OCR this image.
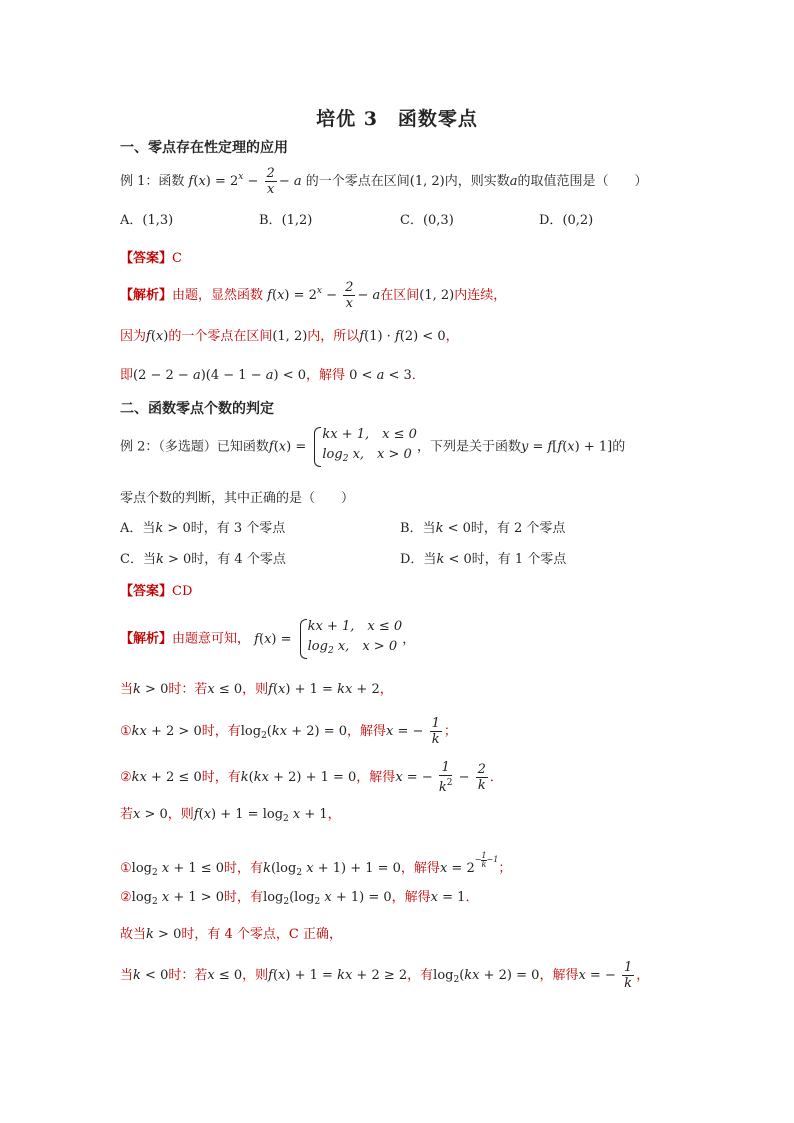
培优 3　函数零点
一、零点存在性定理的应用
例 1：函数 $f(x) = 2^x - \frac{2}{x} - a$ 的一个零点在区间(1, 2)内，则实数a的取值范围是（　　）
A．(1,3)	B．(1,2)	C．(0,3)	D．(0,2)
【答案】C
【解析】由题，显然函数 $f(x) = 2^x - \frac{2}{x} - a$在区间(1, 2)内连续，
因为f(x)的一个零点在区间(1, 2)内，所以f(1) · f(2) < 0，
即(2 − 2 − a)(4 − 1 − a) < 0，解得 0 < a < 3．
二、函数零点个数的判定
例 2：（多选题）已知函数f(x) =
kx + 1,　x ≤ 0
$\log_2 x$,　x > 0 ，下列是关于函数y = f[f(x) + 1]的
零点个数的判断，其中正确的是（　　）
A．当k > 0时，有 3 个零点	B．当k < 0时，有 2 个零点
C．当k > 0时，有 4 个零点	D．当k < 0时，有 1 个零点
【答案】CD
【解析】由题意可知， f(x) =
kx + 1,　x ≤ 0
$\log_2 x$,　x > 0 ，
当k > 0时：若x ≤ 0，则f(x) + 1 = kx + 2，
①kx + 2 > 0时，有$\log_2(kx + 2) = 0$，解得x = − $\frac{1}{k}$ ；
②kx + 2 ≤ 0时，有k(kx + 2) + 1 = 0，解得x = − $\frac{1}{k^2} - \frac{2}{k}$ ．
若x > 0，则$f(x) + 1 = \log_2 x + 1$，
$①\log_2$ x + 1 ≤ 0时，有$k(\log_2$ x + 1) + 1 = 0，解得$x = 2- \frac{1}{k} -1$；
$②\log_2$ x + 1 > 0时，有$\log_2(\log_2$ x + 1) = 0，解得x = 1．
故当k > 0时，有 4 个零点，C 正确，
当k < 0时：若x ≤ 0，则f(x) + 1 = kx + 2 ≥ 2，有$\log_2(kx + 2) = 0$，解得x = − $\frac{1}{k}$ ，
